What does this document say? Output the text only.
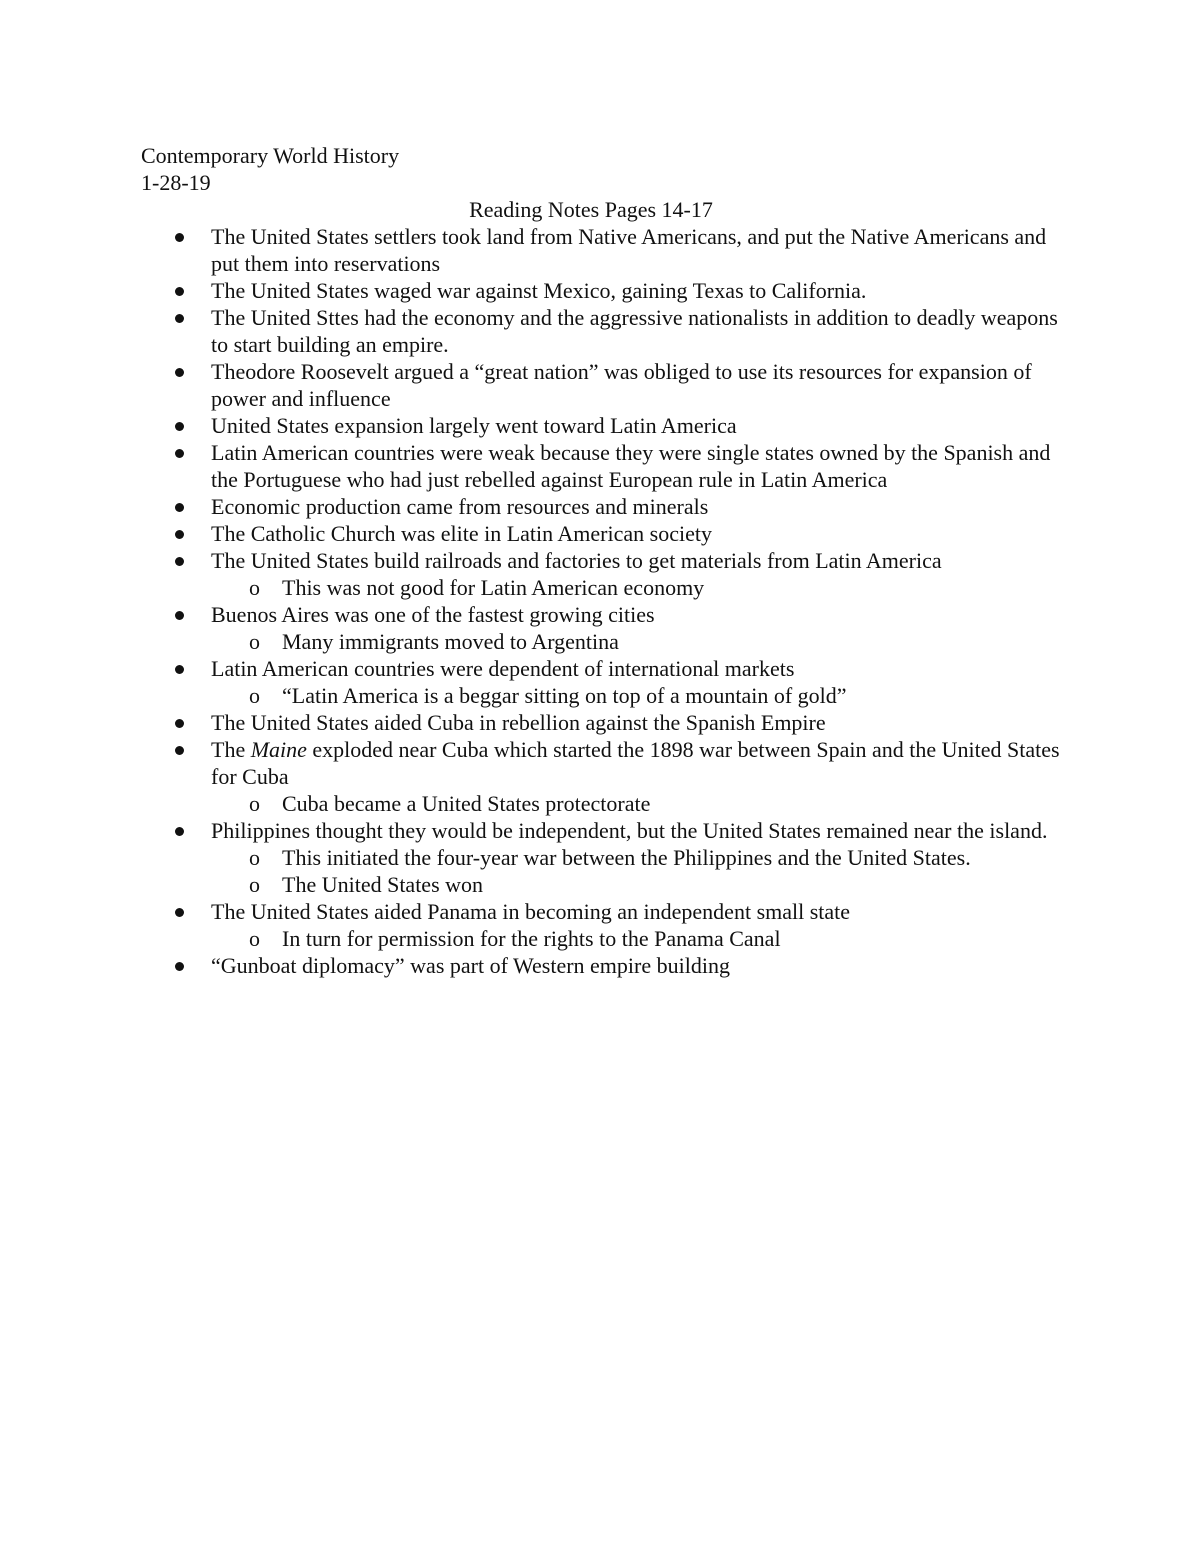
Contemporary World History

1-28-19

Reading Notes Pages 14-17

The United States settlers took land from Native Americans, and put the Native Americans and put them into reservations
The United States waged war against Mexico, gaining Texas to California.
The United Sttes had the economy and the aggressive nationalists in addition to deadly weapons to start building an empire.
Theodore Roosevelt argued a “great nation” was obliged to use its resources for expansion of power and influence
United States expansion largely went toward Latin America
Latin American countries were weak because they were single states owned by the Spanish and the Portuguese who had just rebelled against European rule in Latin America
Economic production came from resources and minerals
The Catholic Church was elite in Latin American society
The United States build railroads and factories to get materials from Latin America
o This was not good for Latin American economy
Buenos Aires was one of the fastest growing cities
o Many immigrants moved to Argentina
Latin American countries were dependent of international markets
o “Latin America is a beggar sitting on top of a mountain of gold”
The United States aided Cuba in rebellion against the Spanish Empire
The Maine exploded near Cuba which started the 1898 war between Spain and the United States for Cuba
o Cuba became a United States protectorate
Philippines thought they would be independent, but the United States remained near the island.
o This initiated the four-year war between the Philippines and the United States.
o The United States won
The United States aided Panama in becoming an independent small state
o In turn for permission for the rights to the Panama Canal
“Gunboat diplomacy” was part of Western empire building
